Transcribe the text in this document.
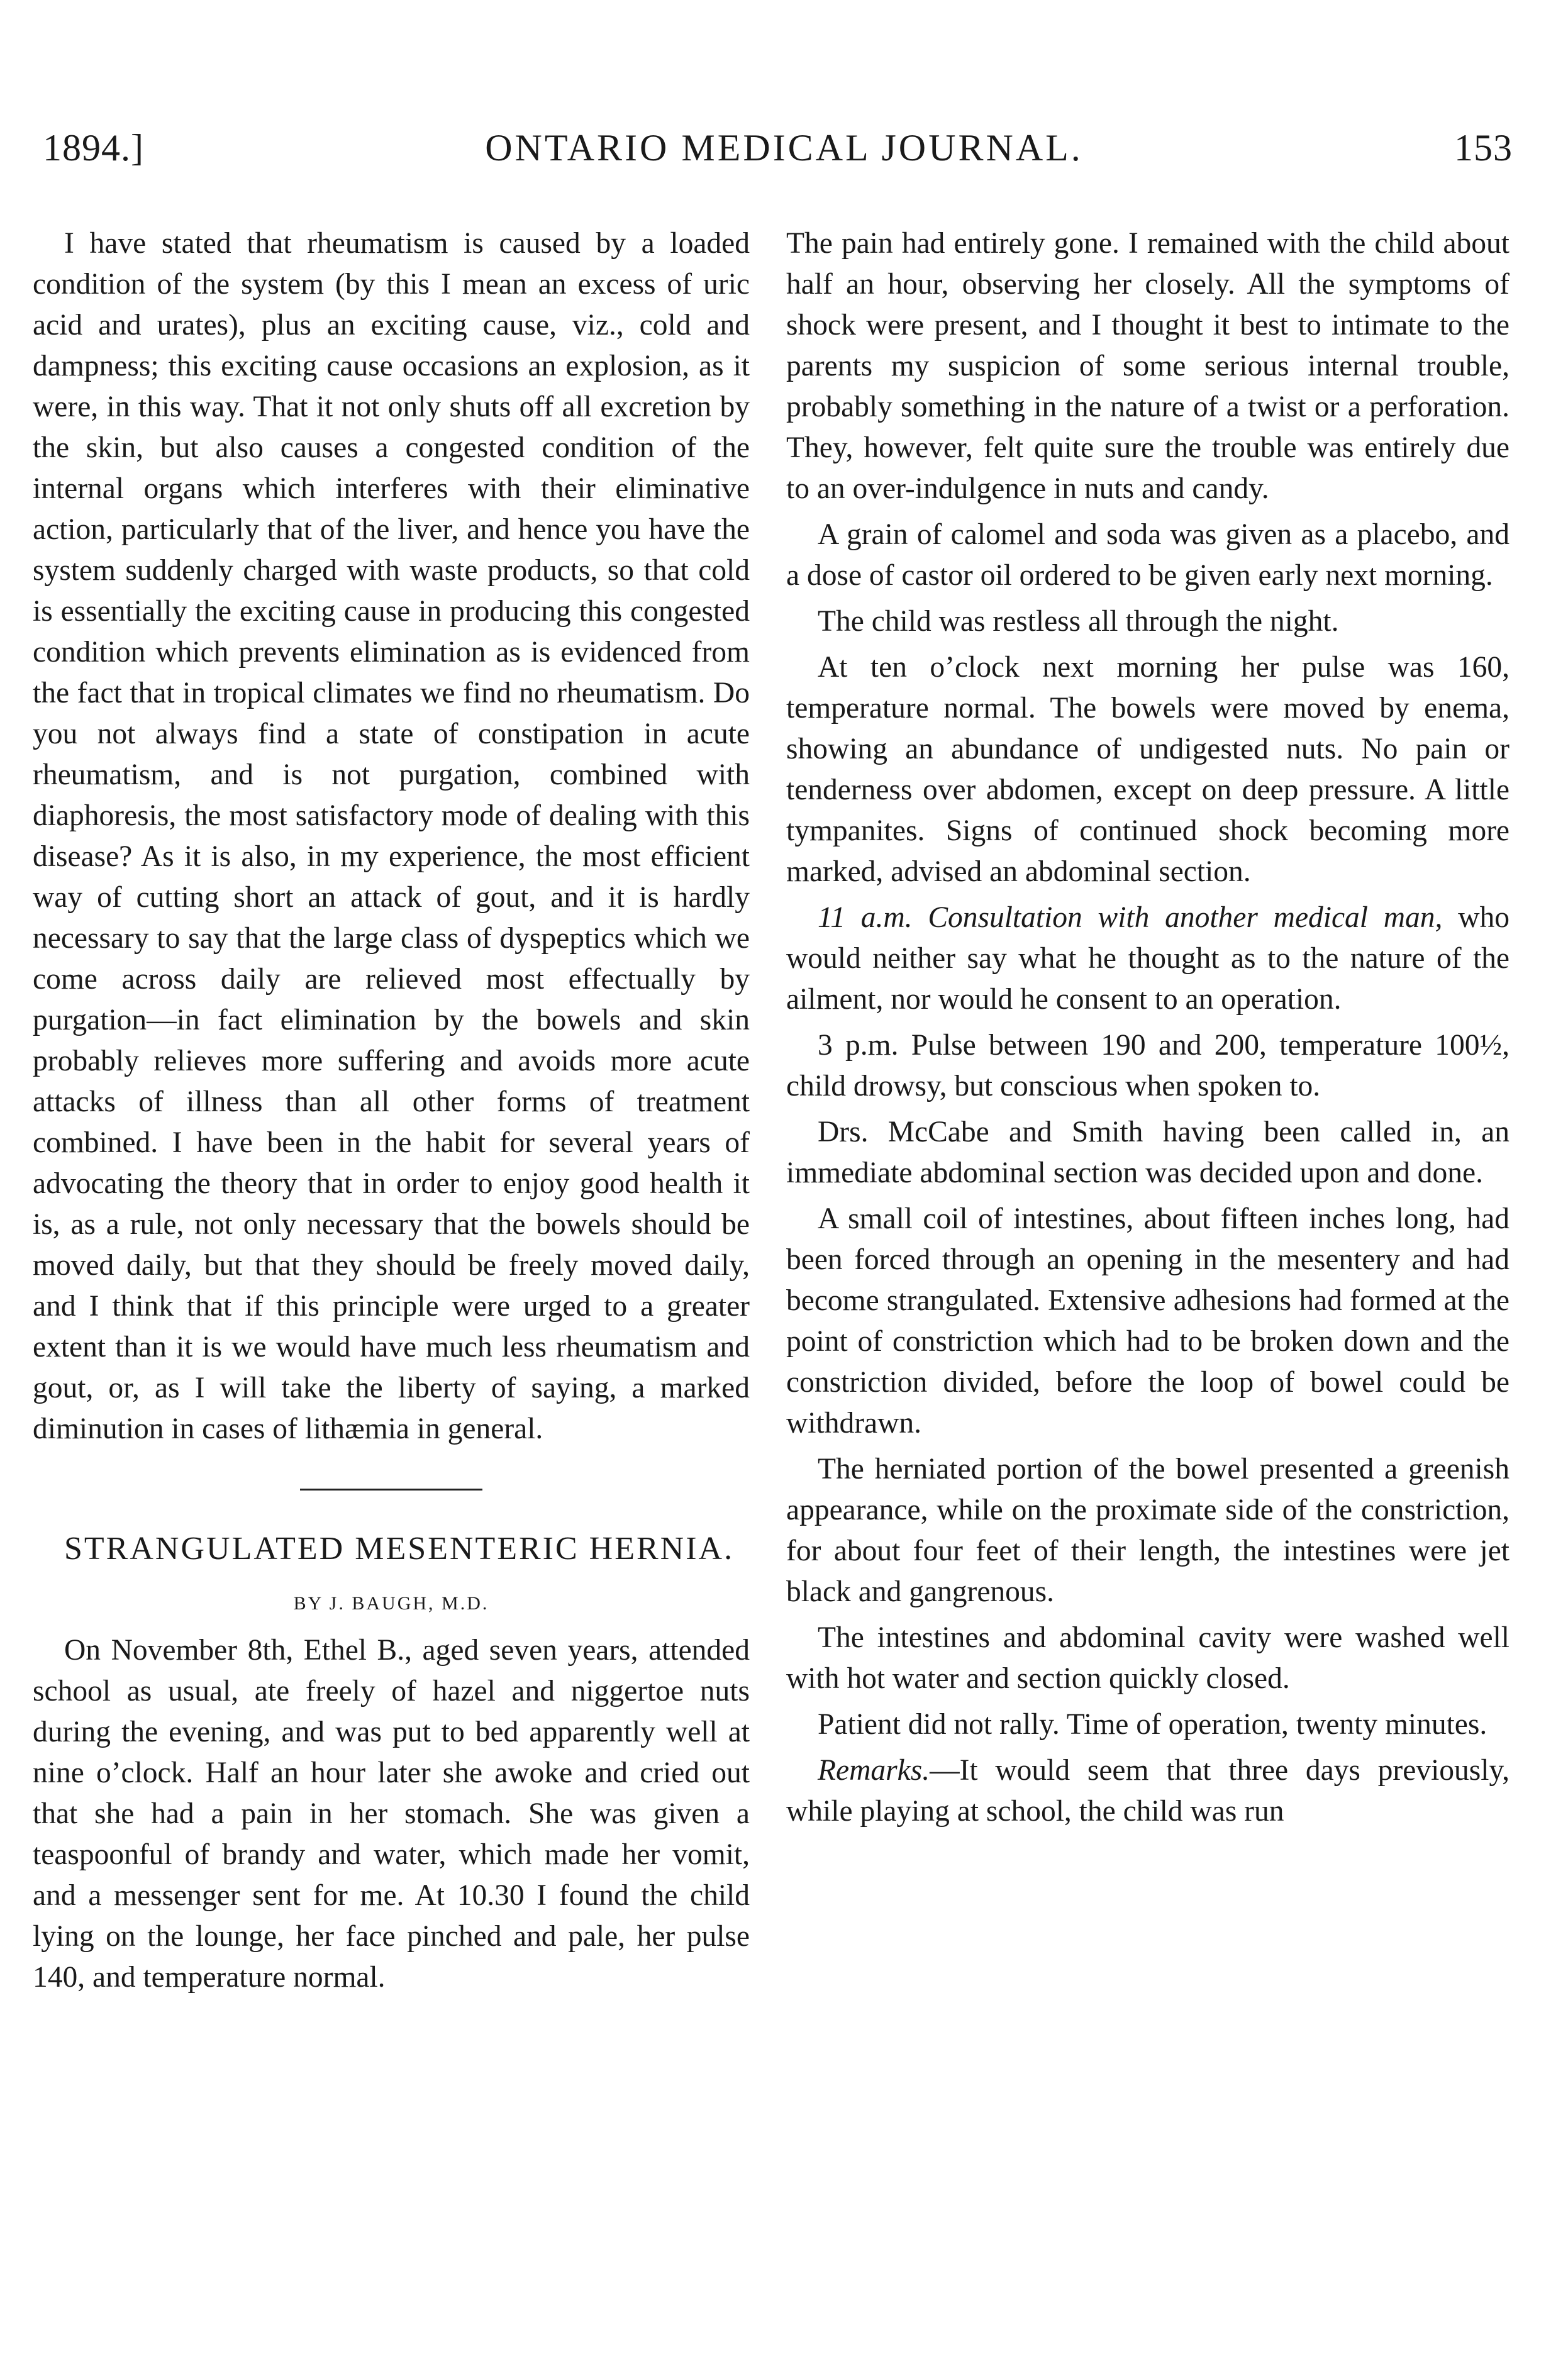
1894.]	ONTARIO MEDICAL JOURNAL.	153

I have stated that rheumatism is caused by a loaded condition of the system (by this I mean an excess of uric acid and urates), plus an exciting cause, viz., cold and dampness; this exciting cause occasions an explosion, as it were, in this way. That it not only shuts off all excretion by the skin, but also causes a congested condition of the internal organs which interferes with their eliminative action, particularly that of the liver, and hence you have the system suddenly charged with waste products, so that cold is essentially the exciting cause in producing this congested condition which prevents elimination as is evidenced from the fact that in tropical climates we find no rheumatism. Do you not always find a state of constipation in acute rheumatism, and is not purgation, combined with diaphoresis, the most satisfactory mode of dealing with this disease? As it is also, in my experience, the most efficient way of cutting short an attack of gout, and it is hardly necessary to say that the large class of dyspeptics which we come across daily are relieved most effectually by purgation—in fact elimination by the bowels and skin probably relieves more suffering and avoids more acute attacks of illness than all other forms of treatment combined. I have been in the habit for several years of advocating the theory that in order to enjoy good health it is, as a rule, not only necessary that the bowels should be moved daily, but that they should be freely moved daily, and I think that if this principle were urged to a greater extent than it is we would have much less rheumatism and gout, or, as I will take the liberty of saying, a marked diminution in cases of lithæmia in general.

STRANGULATED MESENTERIC HERNIA.

BY J. BAUGH, M.D.

On November 8th, Ethel B., aged seven years, attended school as usual, ate freely of hazel and niggertoe nuts during the evening, and was put to bed apparently well at nine o’clock. Half an hour later she awoke and cried out that she had a pain in her stomach. She was given a teaspoonful of brandy and water, which made her vomit, and a messenger sent for me. At 10.30 I found the child lying on the lounge, her face pinched and pale, her pulse 140, and temperature normal.

The pain had entirely gone. I remained with the child about half an hour, observing her closely. All the symptoms of shock were present, and I thought it best to intimate to the parents my suspicion of some serious internal trouble, probably something in the nature of a twist or a perforation. They, however, felt quite sure the trouble was entirely due to an over-indulgence in nuts and candy.

A grain of calomel and soda was given as a placebo, and a dose of castor oil ordered to be given early next morning.

The child was restless all through the night.

At ten o’clock next morning her pulse was 160, temperature normal. The bowels were moved by enema, showing an abundance of undigested nuts. No pain or tenderness over abdomen, except on deep pressure. A little tympanites. Signs of continued shock becoming more marked, advised an abdominal section.

11 a.m. Consultation with another medical man, who would neither say what he thought as to the nature of the ailment, nor would he consent to an operation.

3 p.m. Pulse between 190 and 200, temperature 100½, child drowsy, but conscious when spoken to.

Drs. McCabe and Smith having been called in, an immediate abdominal section was decided upon and done.

A small coil of intestines, about fifteen inches long, had been forced through an opening in the mesentery and had become strangulated. Extensive adhesions had formed at the point of constriction which had to be broken down and the constriction divided, before the loop of bowel could be withdrawn.

The herniated portion of the bowel presented a greenish appearance, while on the proximate side of the constriction, for about four feet of their length, the intestines were jet black and gangrenous.

The intestines and abdominal cavity were washed well with hot water and section quickly closed.

Patient did not rally. Time of operation, twenty minutes.

Remarks.—It would seem that three days previously, while playing at school, the child was run
